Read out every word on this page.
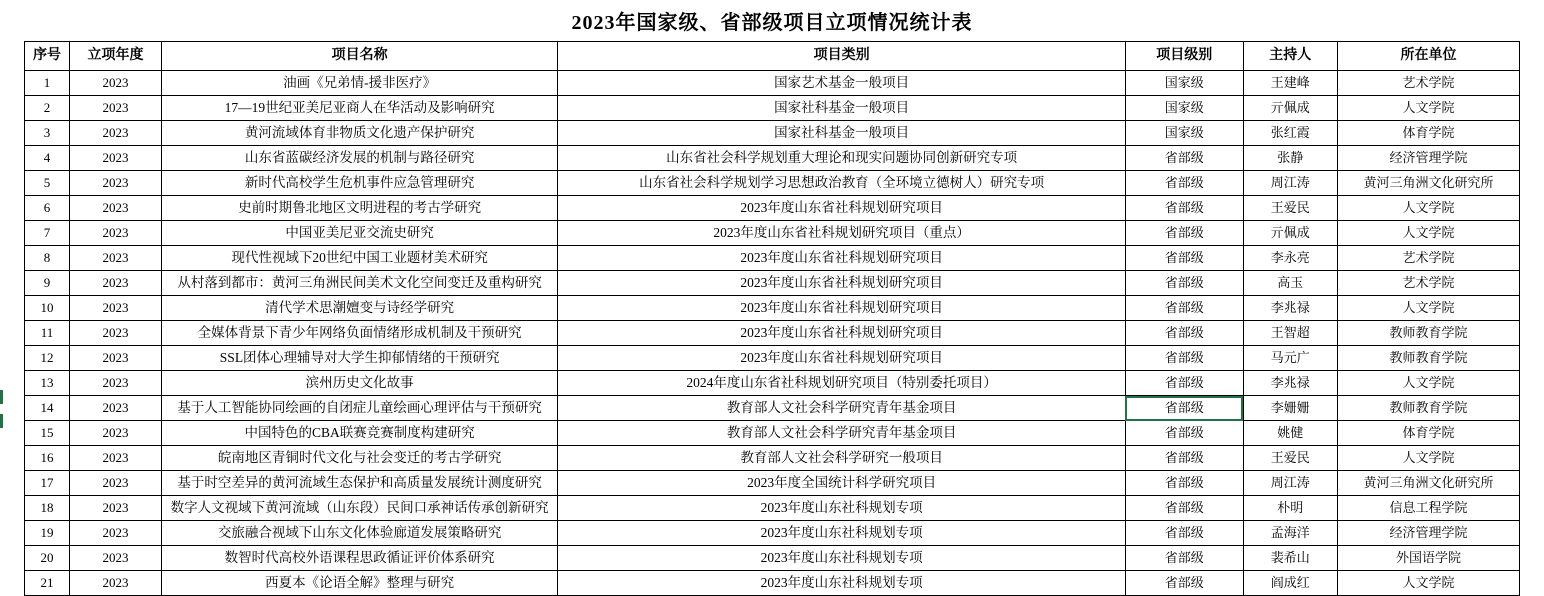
2023年国家级、省部级项目立项情况统计表
序号	立项年度	项目名称	项目类别	项目级别	主持人	所在单位
1	2023	油画《兄弟情-援非医疗》	国家艺术基金一般项目	国家级	王建峰	艺术学院
2	2023	17—19世纪亚美尼亚商人在华活动及影响研究	国家社科基金一般项目	国家级	亓佩成	人文学院
3	2023	黄河流域体育非物质文化遗产保护研究	国家社科基金一般项目	国家级	张红霞	体育学院
4	2023	山东省蓝碳经济发展的机制与路径研究	山东省社会科学规划重大理论和现实问题协同创新研究专项	省部级	张静	经济管理学院
5	2023	新时代高校学生危机事件应急管理研究	山东省社会科学规划学习思想政治教育（全环境立德树人）研究专项	省部级	周江涛	黄河三角洲文化研究所
6	2023	史前时期鲁北地区文明进程的考古学研究	2023年度山东省社科规划研究项目	省部级	王爱民	人文学院
7	2023	中国亚美尼亚交流史研究	2023年度山东省社科规划研究项目（重点）	省部级	亓佩成	人文学院
8	2023	现代性视域下20世纪中国工业题材美术研究	2023年度山东省社科规划研究项目	省部级	李永亮	艺术学院
9	2023	从村落到都市：黄河三角洲民间美术文化空间变迁及重构研究	2023年度山东省社科规划研究项目	省部级	高玉	艺术学院
10	2023	清代学术思潮嬗变与诗经学研究	2023年度山东省社科规划研究项目	省部级	李兆禄	人文学院
11	2023	全媒体背景下青少年网络负面情绪形成机制及干预研究	2023年度山东省社科规划研究项目	省部级	王智超	教师教育学院
12	2023	SSL团体心理辅导对大学生抑郁情绪的干预研究	2023年度山东省社科规划研究项目	省部级	马元广	教师教育学院
13	2023	滨州历史文化故事	2024年度山东省社科规划研究项目（特别委托项目）	省部级	李兆禄	人文学院
14	2023	基于人工智能协同绘画的自闭症儿童绘画心理评估与干预研究	教育部人文社会科学研究青年基金项目	省部级	李姗姗	教师教育学院
15	2023	中国特色的CBA联赛竞赛制度构建研究	教育部人文社会科学研究青年基金项目	省部级	姚健	体育学院
16	2023	皖南地区青铜时代文化与社会变迁的考古学研究	教育部人文社会科学研究一般项目	省部级	王爱民	人文学院
17	2023	基于时空差异的黄河流域生态保护和高质量发展统计测度研究	2023年度全国统计科学研究项目	省部级	周江涛	黄河三角洲文化研究所
18	2023	数字人文视域下黄河流域（山东段）民间口承神话传承创新研究	2023年度山东社科规划专项	省部级	朴明	信息工程学院
19	2023	交旅融合视域下山东文化体验廊道发展策略研究	2023年度山东社科规划专项	省部级	孟海洋	经济管理学院
20	2023	数智时代高校外语课程思政循证评价体系研究	2023年度山东社科规划专项	省部级	裴希山	外国语学院
21	2023	西夏本《论语全解》整理与研究	2023年度山东社科规划专项	省部级	阎成红	人文学院
